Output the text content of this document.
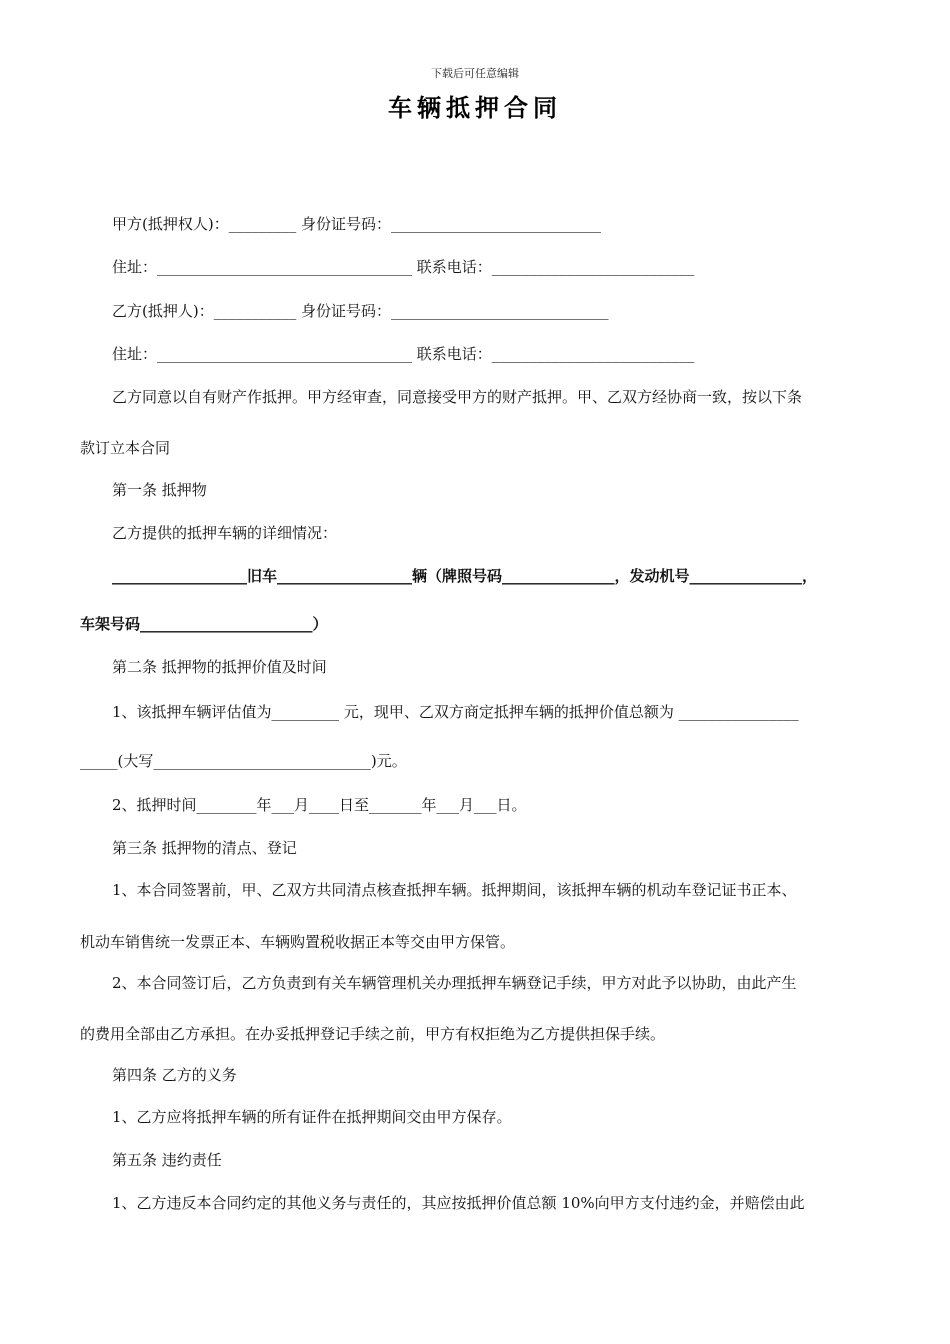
下载后可任意编辑
车辆抵押合同
甲方(抵押权人)：_________ 身份证号码：____________________________
住址：__________________________________ 联系电话：___________________________
乙方(抵押人)：___________ 身份证号码：_____________________________
住址：__________________________________ 联系电话：___________________________
乙方同意以自有财产作抵押。甲方经审查，同意接受甲方的财产抵押。甲、乙双方经协商一致，按以下条
款订立本合同
第一条 抵押物
乙方提供的抵押车辆的详细情况：
__________________旧车__________________辆（牌照号码_______________，发动机号_______________，
车架号码_______________________）
第二条 抵押物的抵押价值及时间
1、该抵押车辆评估值为_________ 元，现甲、乙双方商定抵押车辆的抵押价值总额为 ________________
_____(大写_____________________________)元。
2、抵押时间________年___月____日至_______年___月___日。
第三条 抵押物的清点、登记
1、本合同签署前，甲、乙双方共同清点核查抵押车辆。抵押期间，该抵押车辆的机动车登记证书正本、
机动车销售统一发票正本、车辆购置税收据正本等交由甲方保管。
2、本合同签订后，乙方负责到有关车辆管理机关办理抵押车辆登记手续，甲方对此予以协助，由此产生
的费用全部由乙方承担。在办妥抵押登记手续之前，甲方有权拒绝为乙方提供担保手续。
第四条 乙方的义务
1、乙方应将抵押车辆的所有证件在抵押期间交由甲方保存。
第五条 违约责任
1、乙方违反本合同约定的其他义务与责任的，其应按抵押价值总额 10%向甲方支付违约金，并赔偿由此
